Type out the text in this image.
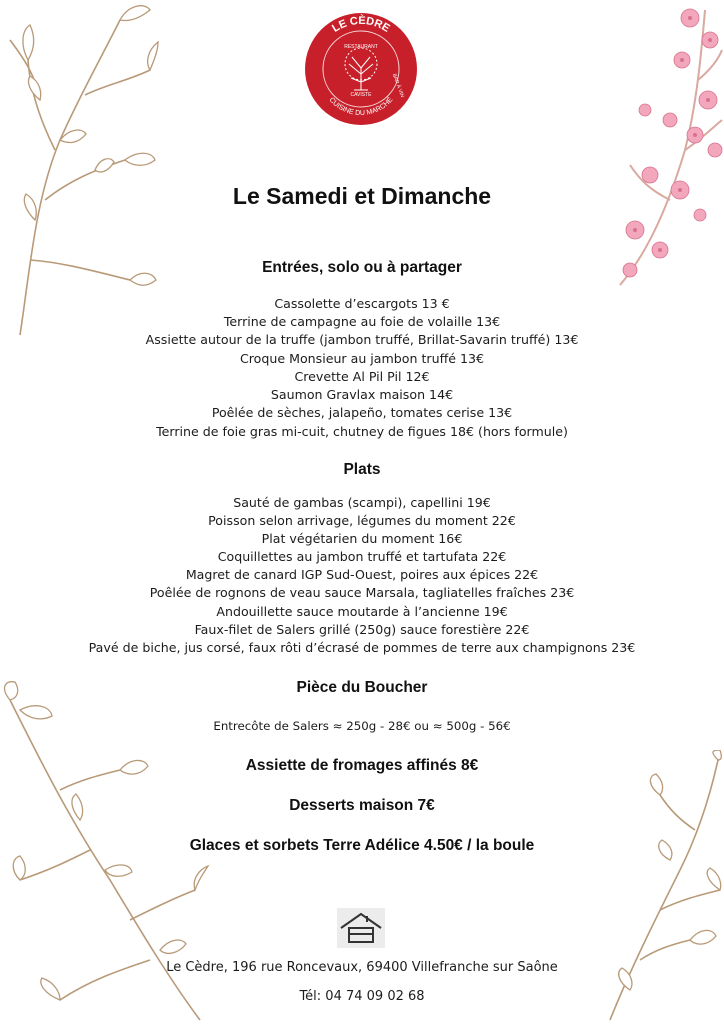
LE CÈDRE
CUISINE DU MARCHÉ
RESTAURANT
CAVISTE	BAR À VIN
Le Samedi et Dimanche
Entrées, solo ou à partager
Cassolette d’escargots 13 €
Terrine de campagne au foie de volaille 13€
Assiette autour de la truffe (jambon truffé, Brillat-Savarin truffé) 13€
Croque Monsieur au jambon truffé 13€
Crevette Al Pil Pil 12€
Saumon Gravlax maison 14€
Poêlée de sèches, jalapeño, tomates cerise 13€
Terrine de foie gras mi-cuit, chutney de figues 18€ (hors formule)
Plats
Sauté de gambas (scampi), capellini 19€
Poisson selon arrivage, légumes du moment 22€
Plat végétarien du moment 16€
Coquillettes au jambon truffé et tartufata 22€
Magret de canard IGP Sud-Ouest, poires aux épices 22€
Poêlée de rognons de veau sauce Marsala, tagliatelles fraîches 23€
Andouillette sauce moutarde à l’ancienne 19€
Faux-filet de Salers grillé (250g) sauce forestière 22€
Pavé de biche, jus corsé, faux rôti d’écrasé de pommes de terre aux champignons 23€
Pièce du Boucher
Entrecôte de Salers ≈ 250g - 28€ ou ≈ 500g - 56€
Assiette de fromages affinés 8€
Desserts maison 7€
Glaces et sorbets Terre Adélice 4.50€ / la boule
Le Cèdre, 196 rue Roncevaux, 69400 Villefranche sur Saône
Tél: 04 74 09 02 68
